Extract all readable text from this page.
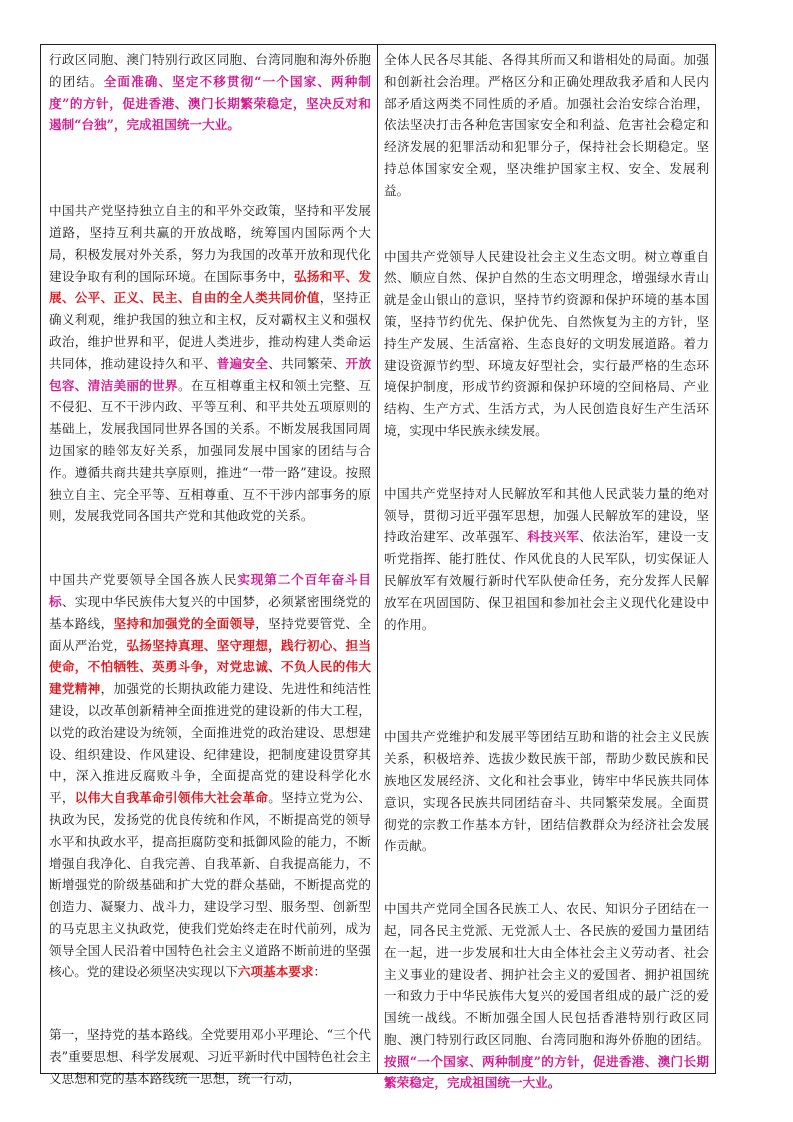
行政区同胞、澳门特别行政区同胞、台湾同胞和海外侨胞的团结。全面准确、坚定不移贯彻“一个国家、两种制度”的方针，促进香港、澳门长期繁荣稳定，坚决反对和遏制“台独”，完成祖国统一大业。

中国共产党坚持独立自主的和平外交政策，坚持和平发展道路，坚持互利共赢的开放战略，统筹国内国际两个大局，积极发展对外关系，努力为我国的改革开放和现代化建设争取有利的国际环境。在国际事务中，弘扬和平、发展、公平、正义、民主、自由的全人类共同价值，坚持正确义利观，维护我国的独立和主权，反对霸权主义和强权政治，维护世界和平，促进人类进步，推动构建人类命运共同体，推动建设持久和平、普遍安全、共同繁荣、开放包容、清洁美丽的世界。在互相尊重主权和领土完整、互不侵犯、互不干涉内政、平等互利、和平共处五项原则的基础上，发展我国同世界各国的关系。不断发展我国同周边国家的睦邻友好关系，加强同发展中国家的团结与合作。遵循共商共建共享原则，推进“一带一路”建设。按照独立自主、完全平等、互相尊重、互不干涉内部事务的原则，发展我党同各国共产党和其他政党的关系。

中国共产党要领导全国各族人民实现第二个百年奋斗目标、实现中华民族伟大复兴的中国梦，必须紧密围绕党的基本路线，坚持和加强党的全面领导，坚持党要管党、全面从严治党，弘扬坚持真理、坚守理想，践行初心、担当使命，不怕牺牲、英勇斗争，对党忠诚、不负人民的伟大建党精神，加强党的长期执政能力建设、先进性和纯洁性建设，以改革创新精神全面推进党的建设新的伟大工程，以党的政治建设为统领，全面推进党的政治建设、思想建设、组织建设、作风建设、纪律建设，把制度建设贯穿其中，深入推进反腐败斗争，全面提高党的建设科学化水平，以伟大自我革命引领伟大社会革命。坚持立党为公、执政为民，发扬党的优良传统和作风，不断提高党的领导水平和执政水平，提高拒腐防变和抵御风险的能力，不断增强自我净化、自我完善、自我革新、自我提高能力，不断增强党的阶级基础和扩大党的群众基础，不断提高党的创造力、凝聚力、战斗力，建设学习型、服务型、创新型的马克思主义执政党，使我们党始终走在时代前列，成为领导全国人民沿着中国特色社会主义道路不断前进的坚强核心。党的建设必须坚决实现以下六项基本要求：

第一，坚持党的基本路线。全党要用邓小平理论、“三个代表”重要思想、科学发展观、习近平新时代中国特色社会主义思想和党的基本路线统一思想，统一行动，

全体人民各尽其能、各得其所而又和谐相处的局面。加强和创新社会治理。严格区分和正确处理敌我矛盾和人民内部矛盾这两类不同性质的矛盾。加强社会治安综合治理，依法坚决打击各种危害国家安全和利益、危害社会稳定和经济发展的犯罪活动和犯罪分子，保持社会长期稳定。坚持总体国家安全观，坚决维护国家主权、安全、发展利益。

中国共产党领导人民建设社会主义生态文明。树立尊重自然、顺应自然、保护自然的生态文明理念，增强绿水青山就是金山银山的意识，坚持节约资源和保护环境的基本国策，坚持节约优先、保护优先、自然恢复为主的方针，坚持生产发展、生活富裕、生态良好的文明发展道路。着力建设资源节约型、环境友好型社会，实行最严格的生态环境保护制度，形成节约资源和保护环境的空间格局、产业结构、生产方式、生活方式，为人民创造良好生产生活环境，实现中华民族永续发展。

中国共产党坚持对人民解放军和其他人民武装力量的绝对领导，贯彻习近平强军思想，加强人民解放军的建设，坚持政治建军、改革强军、科技兴军、依法治军，建设一支听党指挥、能打胜仗、作风优良的人民军队，切实保证人民解放军有效履行新时代军队使命任务，充分发挥人民解放军在巩固国防、保卫祖国和参加社会主义现代化建设中的作用。

中国共产党维护和发展平等团结互助和谐的社会主义民族关系，积极培养、选拔少数民族干部，帮助少数民族和民族地区发展经济、文化和社会事业，铸牢中华民族共同体意识，实现各民族共同团结奋斗、共同繁荣发展。全面贯彻党的宗教工作基本方针，团结信教群众为经济社会发展作贡献。

中国共产党同全国各民族工人、农民、知识分子团结在一起，同各民主党派、无党派人士、各民族的爱国力量团结在一起，进一步发展和壮大由全体社会主义劳动者、社会主义事业的建设者、拥护社会主义的爱国者、拥护祖国统一和致力于中华民族伟大复兴的爱国者组成的最广泛的爱国统一战线。不断加强全国人民包括香港特别行政区同胞、澳门特别行政区同胞、台湾同胞和海外侨胞的团结。按照“一个国家、两种制度”的方针，促进香港、澳门长期繁荣稳定，完成祖国统一大业。
